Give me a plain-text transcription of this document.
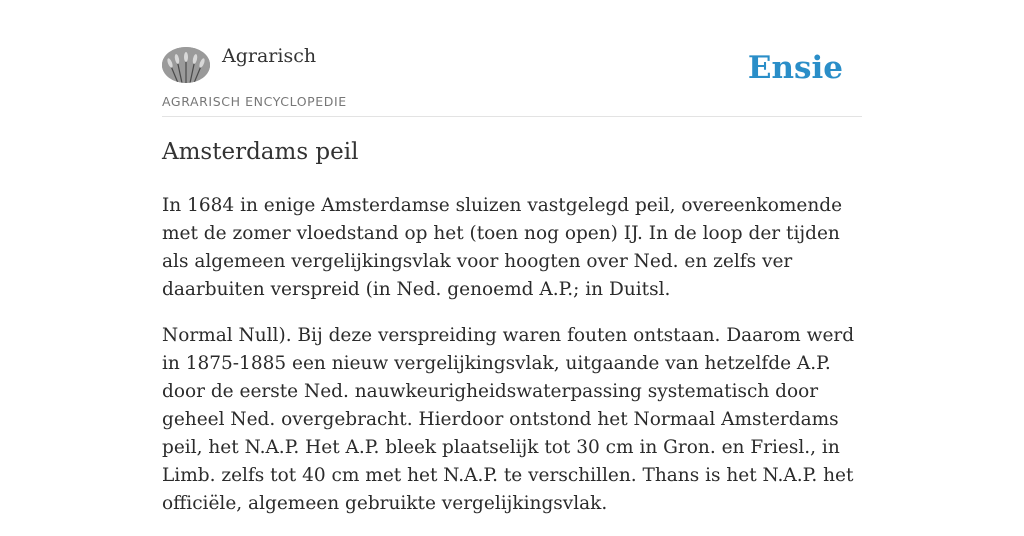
Agrarisch
AGRARISCH ENCYCLOPEDIE
Ensie
Amsterdams peil

In 1684 in enige Amsterdamse sluizen vastgelegd peil, overeenkomende met de zomer vloedstand op het (toen nog open) IJ. In de loop der tijden als algemeen vergelijkingsvlak voor hoogten over Ned. en zelfs ver daarbuiten verspreid (in Ned. genoemd A.P.; in Duitsl.

Normal Null). Bij deze verspreiding waren fouten ontstaan. Daarom werd in 1875-1885 een nieuw vergelijkingsvlak, uitgaande van hetzelfde A.P. door de eerste Ned. nauwkeurigheidswaterpassing systematisch door geheel Ned. overgebracht. Hierdoor ontstond het Normaal Amsterdams peil, het N.A.P. Het A.P. bleek plaatselijk tot 30 cm in Gron. en Friesl., in Limb. zelfs tot 40 cm met het N.A.P. te verschillen. Thans is het N.A.P. het officiële, algemeen gebruikte vergelijkingsvlak.
